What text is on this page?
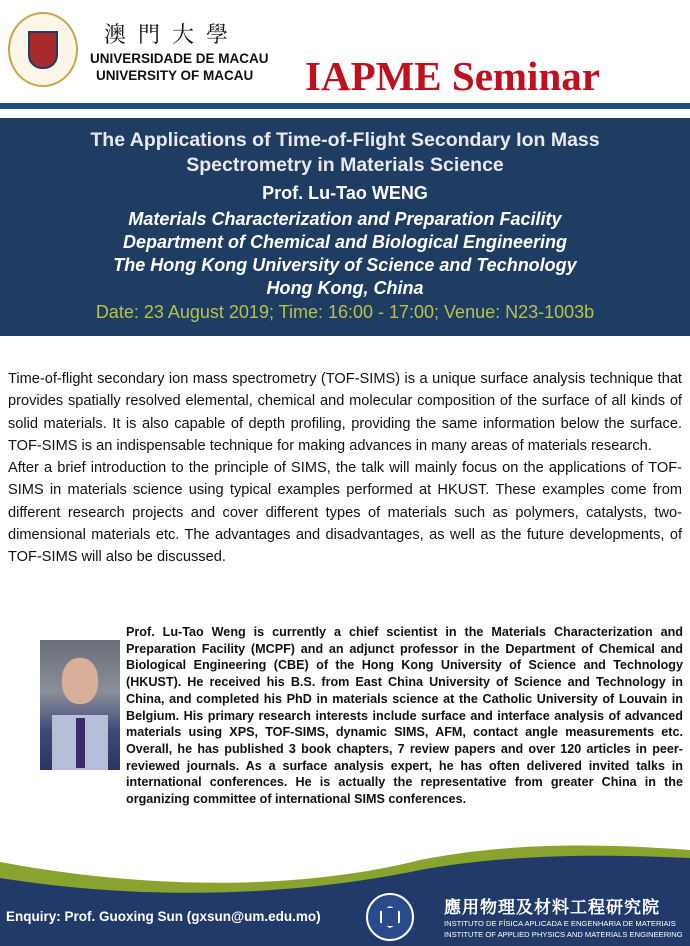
澳門大學
UNIVERSIDADE DE MACAU
UNIVERSITY OF MACAU	IAPME Seminar
The Applications of Time-of-Flight Secondary Ion Mass Spectrometry in Materials Science
Prof. Lu-Tao WENG
Materials Characterization and Preparation Facility
Department of Chemical and Biological Engineering
The Hong Kong University of Science and Technology
Hong Kong, China
Date: 23 August 2019; Time: 16:00 - 17:00; Venue: N23-1003b

Time-of-flight secondary ion mass spectrometry (TOF-SIMS) is a unique surface analysis technique that provides spatially resolved elemental, chemical and molecular composition of the surface of all kinds of solid materials. It is also capable of depth profiling, providing the same information below the surface. TOF-SIMS is an indispensable technique for making advances in many areas of materials research.

After a brief introduction to the principle of SIMS, the talk will mainly focus on the applications of TOF-SIMS in materials science using typical examples performed at HKUST. These examples come from different research projects and cover different types of materials such as polymers, catalysts, two-dimensional materials etc. The advantages and disadvantages, as well as the future developments, of TOF-SIMS will also be discussed.

Prof. Lu-Tao Weng is currently a chief scientist in the Materials Characterization and Preparation Facility (MCPF) and an adjunct professor in the Department of Chemical and Biological Engineering (CBE) of the Hong Kong University of Science and Technology (HKUST). He received his B.S. from East China University of Science and Technology in China, and completed his PhD in materials science at the Catholic University of Louvain in Belgium. His primary research interests include surface and interface analysis of advanced materials using XPS, TOF-SIMS, dynamic SIMS, AFM, contact angle measurements etc. Overall, he has published 3 book chapters, 7 review papers and over 120 articles in peer-reviewed journals. As a surface analysis expert, he has often delivered invited talks in international conferences. He is actually the representative from greater China in the organizing committee of international SIMS conferences.
Enquiry: Prof. Guoxing Sun (gxsun@um.edu.mo)	應用物理及材料工程研究院
INSTITUTO DE FÍSICA APLICADA E ENGENHARIA DE MATERIAIS
INSTITUTE OF APPLIED PHYSICS AND MATERIALS ENGINEERING
